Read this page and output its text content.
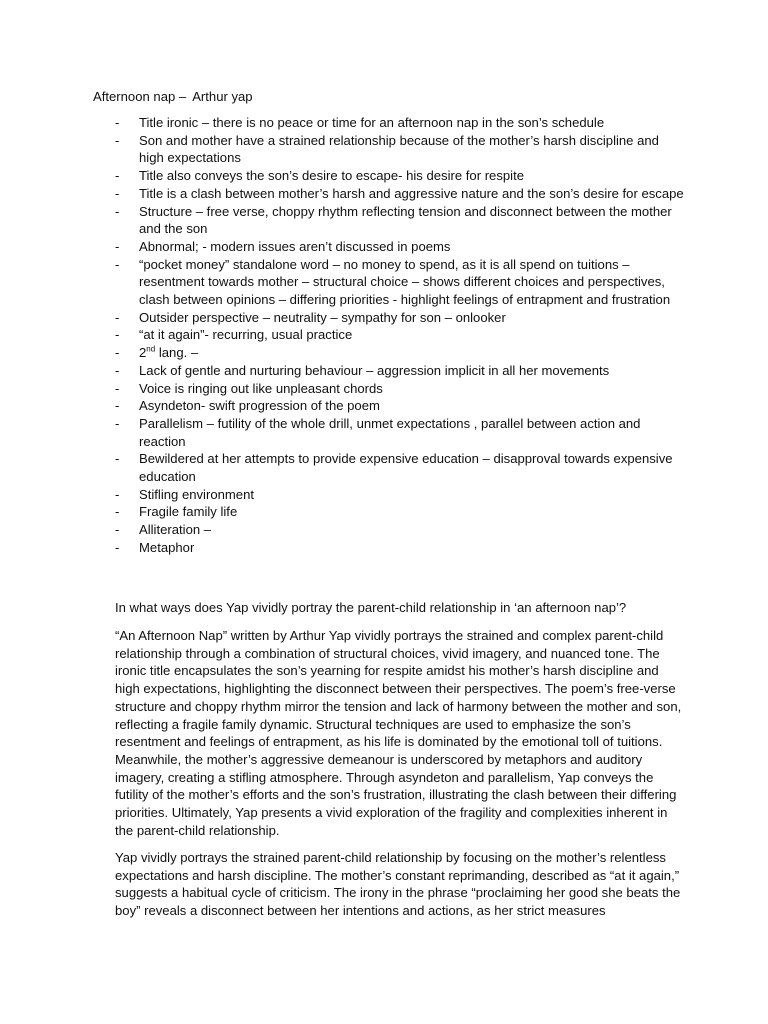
Afternoon nap – Arthur yap
- Title ironic – there is no peace or time for an afternoon nap in the son’s schedule
- Son and mother have a strained relationship because of the mother’s harsh discipline and high expectations
- Title also conveys the son’s desire to escape- his desire for respite
- Title is a clash between mother’s harsh and aggressive nature and the son’s desire for escape
- Structure – free verse, choppy rhythm reflecting tension and disconnect between the mother and the son
- Abnormal; - modern issues aren’t discussed in poems
- “pocket money” standalone word – no money to spend, as it is all spend on tuitions – resentment towards mother – structural choice – shows different choices and perspectives, clash between opinions – differing priorities - highlight feelings of entrapment and frustration
- Outsider perspective – neutrality – sympathy for son – onlooker
- “at it again”- recurring, usual practice
- 2nd lang. –
- Lack of gentle and nurturing behaviour – aggression implicit in all her movements
- Voice is ringing out like unpleasant chords
- Asyndeton- swift progression of the poem
- Parallelism – futility of the whole drill, unmet expectations , parallel between action and reaction
- Bewildered at her attempts to provide expensive education – disapproval towards expensive education
- Stifling environment
- Fragile family life
- Alliteration –
- Metaphor

In what ways does Yap vividly portray the parent-child relationship in ‘an afternoon nap’?

“An Afternoon Nap” written by Arthur Yap vividly portrays the strained and complex parent-child relationship through a combination of structural choices, vivid imagery, and nuanced tone. The ironic title encapsulates the son’s yearning for respite amidst his mother’s harsh discipline and high expectations, highlighting the disconnect between their perspectives. The poem’s free-verse structure and choppy rhythm mirror the tension and lack of harmony between the mother and son, reflecting a fragile family dynamic. Structural techniques are used to emphasize the son’s resentment and feelings of entrapment, as his life is dominated by the emotional toll of tuitions. Meanwhile, the mother’s aggressive demeanour is underscored by metaphors and auditory imagery, creating a stifling atmosphere. Through asyndeton and parallelism, Yap conveys the futility of the mother’s efforts and the son’s frustration, illustrating the clash between their differing priorities. Ultimately, Yap presents a vivid exploration of the fragility and complexities inherent in the parent-child relationship.

Yap vividly portrays the strained parent-child relationship by focusing on the mother’s relentless expectations and harsh discipline. The mother’s constant reprimanding, described as “at it again,” suggests a habitual cycle of criticism. The irony in the phrase “proclaiming her good she beats the boy” reveals a disconnect between her intentions and actions, as her strict measures
